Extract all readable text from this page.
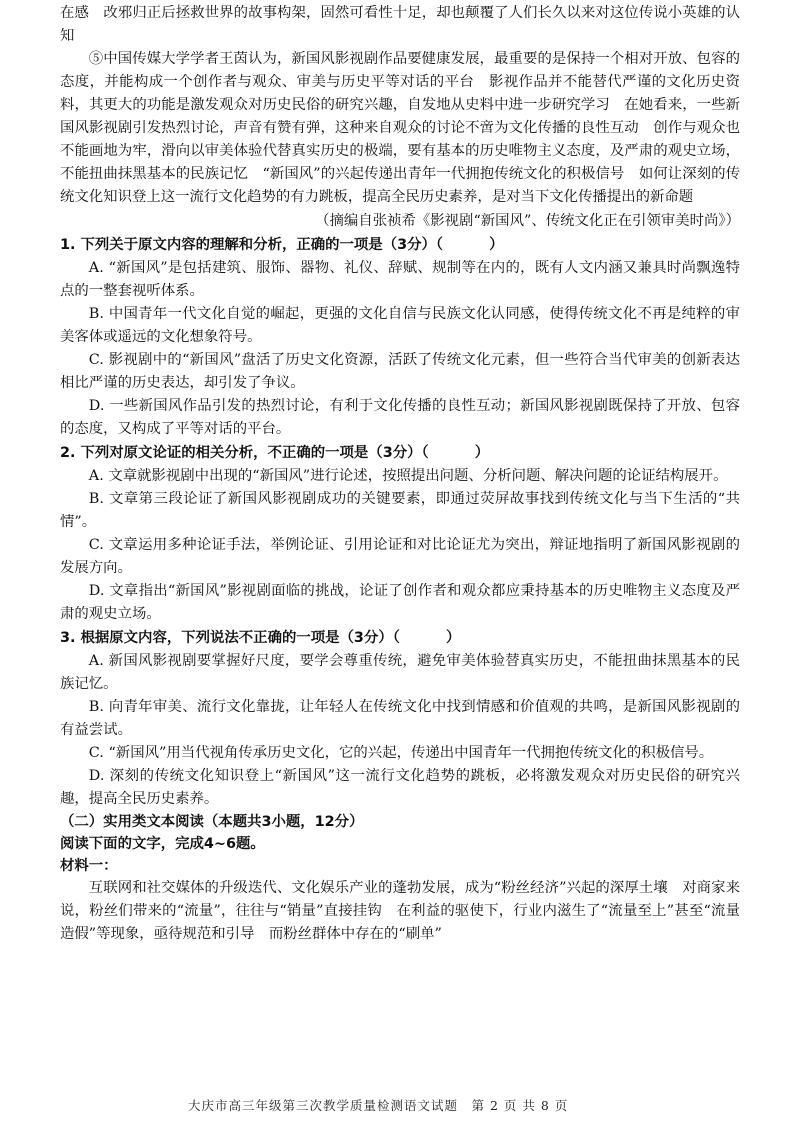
在感　改邪归正后拯救世界的故事构架，固然可看性十足，却也颠覆了人们长久以来对这位传说小英雄的认知

⑤中国传媒大学学者王茵认为，新国风影视剧作品要健康发展，最重要的是保持一个相对开放、包容的态度，并能构成一个创作者与观众、审美与历史平等对话的平台　影视作品并不能替代严谨的文化历史资料，其更大的功能是激发观众对历史民俗的研究兴趣，自发地从史料中进一步研究学习　在她看来，一些新国风影视剧引发热烈讨论，声音有赞有弹，这种来自观众的讨论不啻为文化传播的良性互动　创作与观众也不能画地为牢，滑向以审美体验代替真实历史的极端，要有基本的历史唯物主义态度，及严肃的观史立场，不能扭曲抹黑基本的民族记忆　“新国风”的兴起传递出青年一代拥抱传统文化的积极信号　如何让深刻的传统文化知识登上这一流行文化趋势的有力跳板，提高全民历史素养，是对当下文化传播提出的新命题

（摘编自张祯希《影视剧“新国风”、传统文化正在引领审美时尚》）

1. 下列关于原文内容的理解和分析，正确的一项是（3分）（	）

A. “新国风”是包括建筑、服饰、器物、礼仪、辞赋、规制等在内的，既有人文内涵又兼具时尚飘逸特点的一整套视听体系。

B. 中国青年一代文化自觉的崛起，更强的文化自信与民族文化认同感，使得传统文化不再是纯粹的审美客体或遥远的文化想象符号。

C. 影视剧中的“新国风”盘活了历史文化资源，活跃了传统文化元素，但一些符合当代审美的创新表达相比严谨的历史表达，却引发了争议。

D. 一些新国风作品引发的热烈讨论，有利于文化传播的良性互动；新国风影视剧既保持了开放、包容的态度，又构成了平等对话的平台。

2. 下列对原文论证的相关分析，不正确的一项是（3分）（	）

A. 文章就影视剧中出现的“新国风”进行论述，按照提出问题、分析问题、解决问题的论证结构展开。

B. 文章第三段论证了新国风影视剧成功的关键要素，即通过荧屏故事找到传统文化与当下生活的“共情”。

C. 文章运用多种论证手法，举例论证、引用论证和对比论证尤为突出，辩证地指明了新国风影视剧的发展方向。

D. 文章指出“新国风”影视剧面临的挑战，论证了创作者和观众都应秉持基本的历史唯物主义态度及严肃的观史立场。

3. 根据原文内容，下列说法不正确的一项是（3分）（	）

A. 新国风影视剧要掌握好尺度，要学会尊重传统，避免审美体验替真实历史，不能扭曲抹黑基本的民族记忆。

B. 向青年审美、流行文化靠拢，让年轻人在传统文化中找到情感和价值观的共鸣，是新国风影视剧的有益尝试。

C. “新国风”用当代视角传承历史文化，它的兴起，传递出中国青年一代拥抱传统文化的积极信号。

D. 深刻的传统文化知识登上“新国风”这一流行文化趋势的跳板，必将激发观众对历史民俗的研究兴趣，提高全民历史素养。

（二）实用类文本阅读（本题共3小题，12分）

阅读下面的文字，完成4~6题。

材料一：

互联网和社交媒体的升级迭代、文化娱乐产业的蓬勃发展，成为“粉丝经济”兴起的深厚土壤　对商家来说，粉丝们带来的“流量”，往往与“销量”直接挂钩　在利益的驱使下，行业内滋生了“流量至上”甚至“流量造假”等现象，亟待规范和引导　而粉丝群体中存在的“刷单”

大庆市高三年级第三次教学质量检测语文试题　第 2 页 共 8 页
